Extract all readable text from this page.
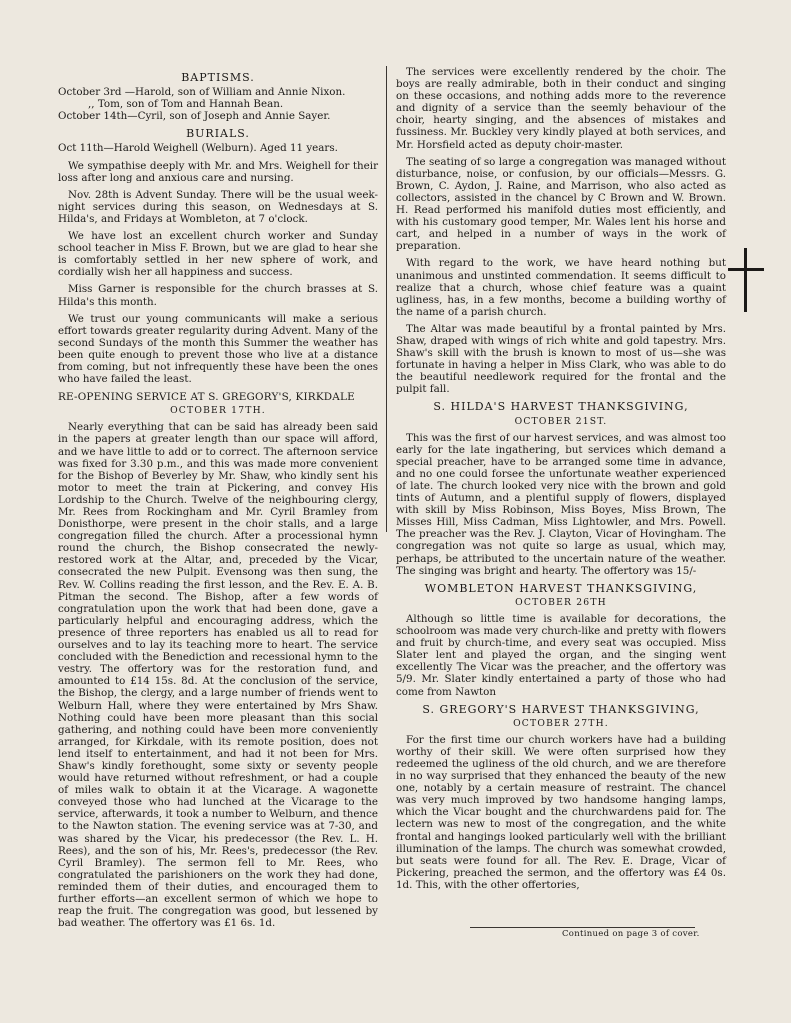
BAPTISMS.

October 3rd —Harold, son of William and Annie Nixon.

,, Tom, son of Tom and Hannah Bean.

October 14th—Cyril, son of Joseph and Annie Sayer.

BURIALS.

Oct 11th—Harold Weighell (Welburn). Aged 11 years.

We sympathise deeply with Mr. and Mrs. Weighell for their loss after long and anxious care and nursing.

Nov. 28th is Advent Sunday. There will be the usual week-night services during this season, on Wednesdays at S. Hilda's, and Fridays at Wombleton, at 7 o'clock.

We have lost an excellent church worker and Sunday school teacher in Miss F. Brown, but we are glad to hear she is comfortably settled in her new sphere of work, and cordially wish her all happiness and success.

Miss Garner is responsible for the church brasses at S. Hilda's this month.

We trust our young communicants will make a serious effort towards greater regularity during Advent. Many of the second Sundays of the month this Summer the weather has been quite enough to prevent those who live at a distance from coming, but not infrequently these have been the ones who have failed the least.

RE-OPENING SERVICE AT S. GREGORY'S, KIRKDALE
OCTOBER 17TH.

Nearly everything that can be said has already been said in the papers at greater length than our space will afford, and we have little to add or to correct. The afternoon service was fixed for 3.30 p.m., and this was made more convenient for the Bishop of Beverley by Mr. Shaw, who kindly sent his motor to meet the train at Pickering, and convey His Lordship to the Church. Twelve of the neighbouring clergy, Mr. Rees from Rockingham and Mr. Cyril Bramley from Donisthorpe, were present in the choir stalls, and a large congregation filled the church. After a processional hymn round the church, the Bishop consecrated the newly-restored work at the Altar, and, preceded by the Vicar, consecrated the new Pulpit. Evensong was then sung, the Rev. W. Collins reading the first lesson, and the Rev. E. A. B. Pitman the second. The Bishop, after a few words of congratulation upon the work that had been done, gave a particularly helpful and encouraging address, which the presence of three reporters has enabled us all to read for ourselves and to lay its teaching more to heart. The service concluded with the Benediction and recessional hymn to the vestry. The offertory was for the restoration fund, and amounted to £14 15s. 8d. At the conclusion of the service, the Bishop, the clergy, and a large number of friends went to Welburn Hall, where they were entertained by Mrs Shaw. Nothing could have been more pleasant than this social gathering, and nothing could have been more conveniently arranged, for Kirkdale, with its remote position, does not lend itself to entertainment, and had it not been for Mrs. Shaw's kindly forethought, some sixty or seventy people would have returned without refreshment, or had a couple of miles walk to obtain it at the Vicarage. A wagonette conveyed those who had lunched at the Vicarage to the service, afterwards, it took a number to Welburn, and thence to the Nawton station. The evening service was at 7-30, and was shared by the Vicar, his predecessor (the Rev. L. H. Rees), and the son of his, Mr. Rees's, predecessor (the Rev. Cyril Bramley). The sermon fell to Mr. Rees, who congratulated the parishioners on the work they had done, reminded them of their duties, and encouraged them to further efforts—an excellent sermon of which we hope to reap the fruit. The congregation was good, but lessened by bad weather. The offertory was £1 6s. 1d.

The services were excellently rendered by the choir. The boys are really admirable, both in their conduct and singing on these occasions, and nothing adds more to the reverence and dignity of a service than the seemly behaviour of the choir, hearty singing, and the absences of mistakes and fussiness. Mr. Buckley very kindly played at both services, and Mr. Horsfield acted as deputy choir-master.

The seating of so large a congregation was managed without disturbance, noise, or confusion, by our officials—Messrs. G. Brown, C. Aydon, J. Raine, and Marrison, who also acted as collectors, assisted in the chancel by C Brown and W. Brown. H. Read performed his manifold duties most efficiently, and with his customary good temper, Mr. Wales lent his horse and cart, and helped in a number of ways in the work of preparation.

With regard to the work, we have heard nothing but unanimous and unstinted commendation. It seems difficult to realize that a church, whose chief feature was a quaint ugliness, has, in a few months, become a building worthy of the name of a parish church.

The Altar was made beautiful by a frontal painted by Mrs. Shaw, draped with wings of rich white and gold tapestry. Mrs. Shaw's skill with the brush is known to most of us—she was fortunate in having a helper in Miss Clark, who was able to do the beautiful needlework required for the frontal and the pulpit fall.

S. HILDA'S HARVEST THANKSGIVING,
OCTOBER 21ST.

This was the first of our harvest services, and was almost too early for the late ingathering, but services which demand a special preacher, have to be arranged some time in advance, and no one could forsee the unfortunate weather experienced of late. The church looked very nice with the brown and gold tints of Autumn, and a plentiful supply of flowers, displayed with skill by Miss Robinson, Miss Boyes, Miss Brown, The Misses Hill, Miss Cadman, Miss Lightowler, and Mrs. Powell. The preacher was the Rev. J. Clayton, Vicar of Hovingham. The congregation was not quite so large as usual, which may, perhaps, be attributed to the uncertain nature of the weather. The singing was bright and hearty. The offertory was 15/-

WOMBLETON HARVEST THANKSGIVING,
OCTOBER 26TH

Although so little time is available for decorations, the schoolroom was made very church-like and pretty with flowers and fruit by church-time, and every seat was occupied. Miss Slater lent and played the organ, and the singing went excellently The Vicar was the preacher, and the offertory was 5/9. Mr. Slater kindly entertained a party of those who had come from Nawton

S. GREGORY'S HARVEST THANKSGIVING,
OCTOBER 27TH.

For the first time our church workers have had a building worthy of their skill. We were often surprised how they redeemed the ugliness of the old church, and we are therefore in no way surprised that they enhanced the beauty of the new one, notably by a certain measure of restraint. The chancel was very much improved by two handsome hanging lamps, which the Vicar bought and the churchwardens paid for. The lectern was new to most of the congregation, and the white frontal and hangings looked particularly well with the brilliant illumination of the lamps. The church was somewhat crowded, but seats were found for all. The Rev. E. Drage, Vicar of Pickering, preached the sermon, and the offertory was £4 0s. 1d. This, with the other offertories,

Continued on page 3 of cover.
